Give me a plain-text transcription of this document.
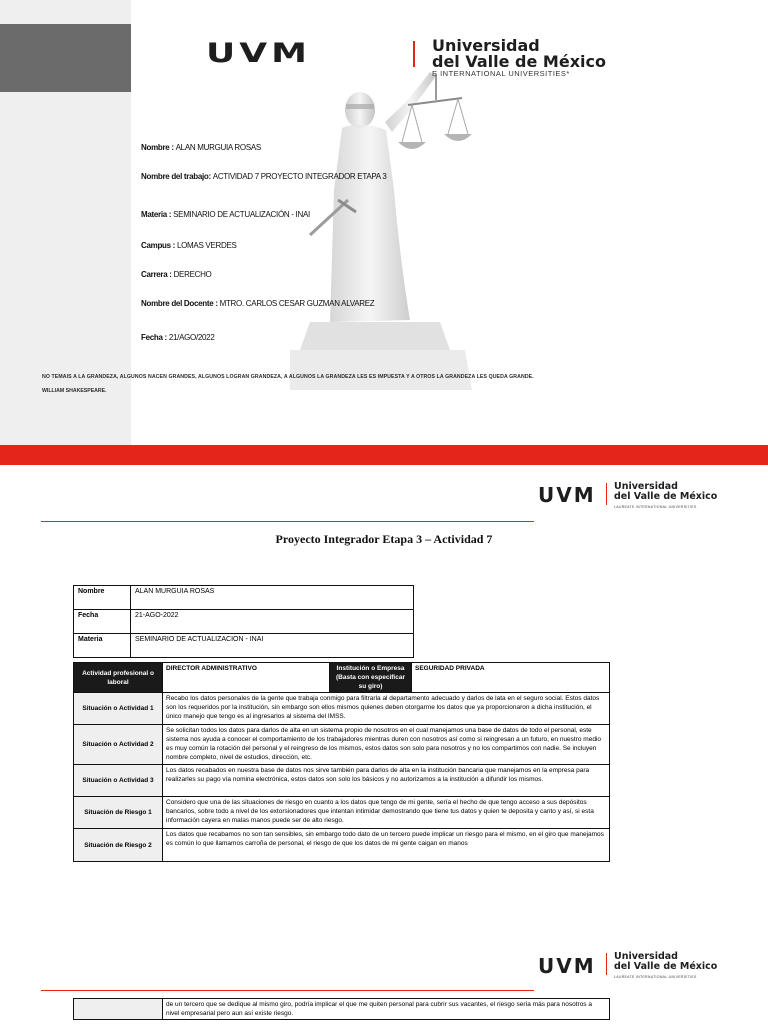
UVM	Universidad
del Valle de México
E INTERNATIONAL UNIVERSITIES*
Nombre : ALAN MURGUIA ROSAS
Nombre del trabajo: ACTIVIDAD 7 PROYECTO INTEGRADOR ETAPA 3
Materia : SEMINARIO DE ACTUALIZACIÓN - INAI
Campus : LOMAS VERDES
Carrera : DERECHO
Nombre del Docente : MTRO. CARLOS CESAR GUZMAN ALVAREZ
Fecha : 21/AGO/2022
NO TEMAIS A LA GRANDEZA, ALGUNOS NACEN GRANDES, ALGUNOS LOGRAN GRANDEZA, A ALGUNOS LA GRANDEZA LES ES IMPUESTA Y A OTROS LA GRANDEZA LES QUEDA GRANDE.
WILLIAM SHAKESPEARE.
UVM Universidad
del Valle de México
LAUREATE INTERNATIONAL UNIVERSITIES
Proyecto Integrador Etapa 3 – Actividad 7
Nombre	ALAN MURGUIA ROSAS
Fecha	21-AGO-2022
Materia	SEMINARIO DE ACTUALIZACION - INAI
Actividad profesional o laboral	DIRECTOR ADMINISTRATIVO	Institución o Empresa (Basta con especificar su giro)	SEGURIDAD PRIVADA
Situación o Actividad 1	Recabo los datos personales de la gente que trabaja conmigo para filtrarla al departamento adecuado y darlos de lata en el seguro social. Estos datos son los requeridos por la institución, sin embargo son ellos mismos quienes deben otorgarme los datos que ya proporcionaron a dicha institución, el único manejo que tengo es al ingresarlos al sistema del IMSS.		
Situación o Actividad 2	Se solicitan todos los datos para darlos de alta en un sistema propio de nosotros en el cual manejamos una base de datos de todo el personal, este sistema nos ayuda a conocer el comportamiento de los trabajadores mientras duren con nosotros así como si reingresan a un futuro, en nuestro medio es muy común la rotación del personal y el reingreso de los mismos, estos datos son solo para nosotros y no los compartimos con nadie. Se incluyen nombre completo, nivel de estudios, dirección, etc.		
Situación o Actividad 3	Los datos recabados en nuestra base de datos nos sirve también para darlos de alta en la institución bancaria que manejamos en la empresa para realizarles su pago vía nomina electrónica, estos datos son solo los básicos y no autorizamos a la institución a difundir los mismos.		
Situación de Riesgo 1	Considero que una de las situaciones de riesgo en cuanto a los datos que tengo de mi gente, sería el hecho de que tengo acceso a sus depósitos bancarios, sobre todo a nivel de los extorsionadores que intentan intimidar demostrando que tiene tus datos y quien te deposita y canto y así, si esta información cayera en malas manos puede ser de alto riesgo.		
Situación de Riesgo 2	Los datos que recabamos no son tan sensibles, sin embargo todo dato de un tercero puede implicar un riesgo para el mismo, en el giro que manejamos es común lo que llamamos carroña de personal, el riesgo de que los datos de mi gente caigan en manos		
UVM Universidad
del Valle de México
LAUREATE INTERNATIONAL UNIVERSITIES
	de un tercero que se dedique al mismo giro, podría implicar el que me quiten personal para cubrir sus vacantes, el riesgo sería más para nosotros a nivel empresarial pero aun así existe riesgo.
